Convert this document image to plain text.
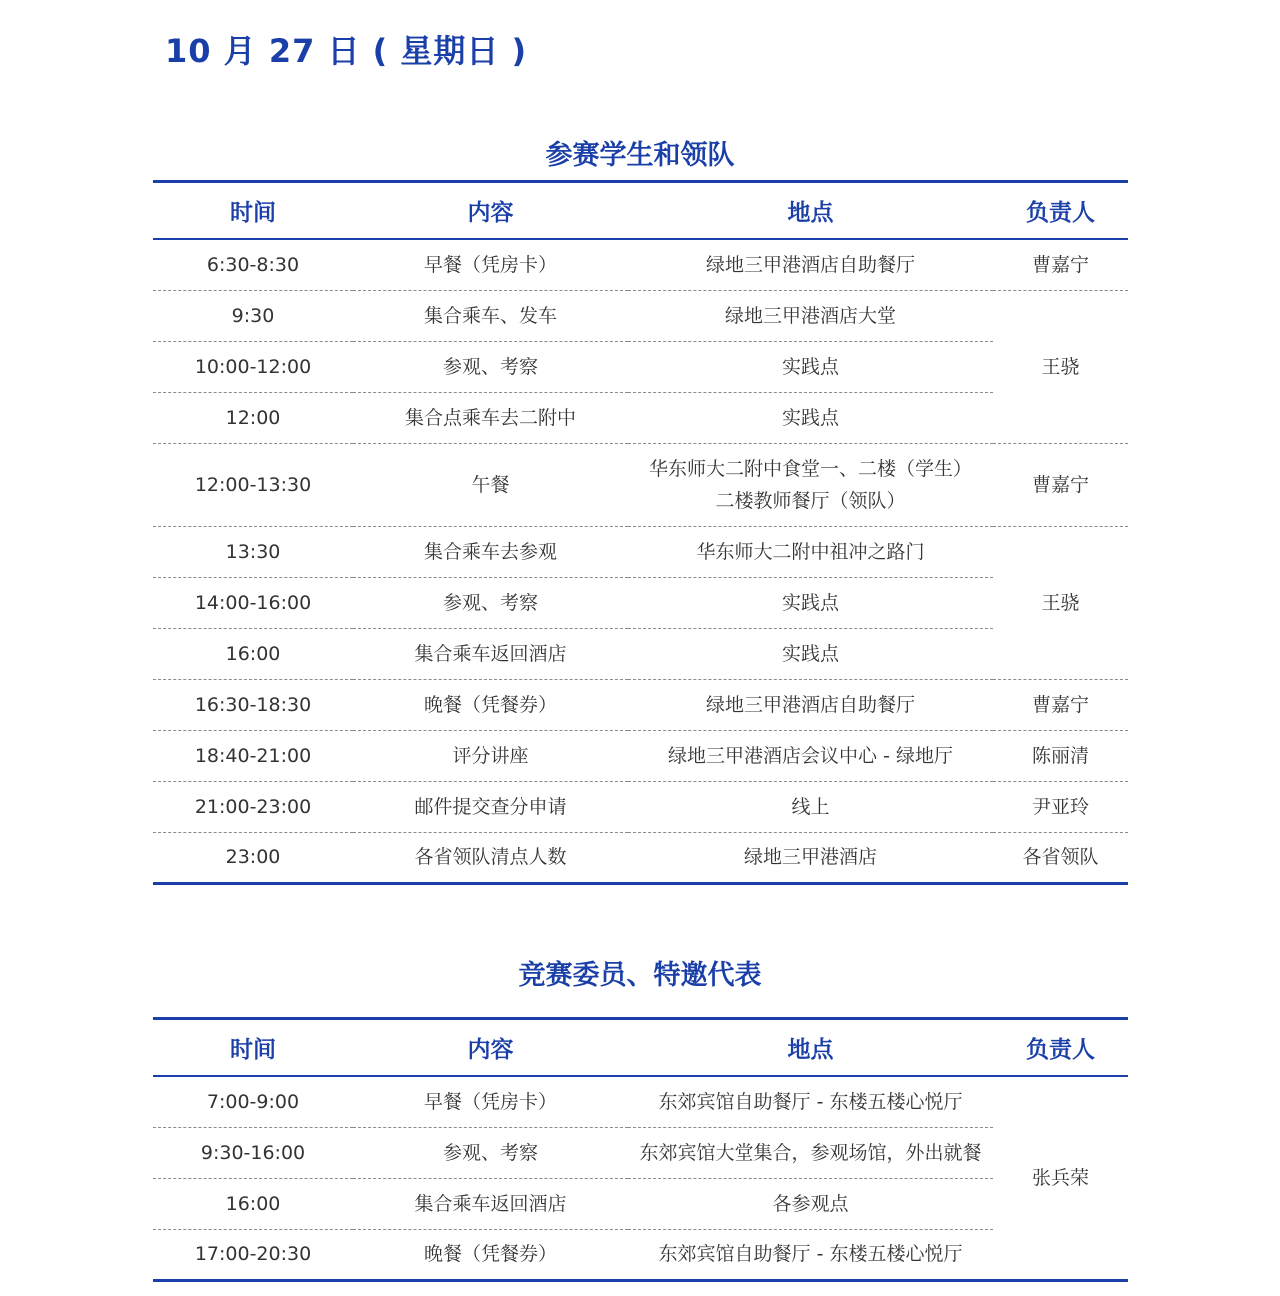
10 月 27 日 ( 星期日 )
参赛学生和领队
时间	内容	地点	负责人
6:30-8:30	早餐（凭房卡）	绿地三甲港酒店自助餐厅	曹嘉宁
9:30	集合乘车、发车	绿地三甲港酒店大堂	王骁
10:00-12:00	参观、考察	实践点	
12:00	集合点乘车去二附中	实践点	
12:00-13:30	午餐	华东师大二附中食堂一、二楼（学生）
二楼教师餐厅（领队）	曹嘉宁
13:30	集合乘车去参观	华东师大二附中祖冲之路门	王骁
14:00-16:00	参观、考察	实践点	
16:00	集合乘车返回酒店	实践点	
16:30-18:30	晚餐（凭餐券）	绿地三甲港酒店自助餐厅	曹嘉宁
18:40-21:00	评分讲座	绿地三甲港酒店会议中心 - 绿地厅	陈丽清
21:00-23:00	邮件提交查分申请	线上	尹亚玲
23:00	各省领队清点人数	绿地三甲港酒店	各省领队
竞赛委员、特邀代表
时间	内容	地点	负责人
7:00-9:00	早餐（凭房卡）	东郊宾馆自助餐厅 - 东楼五楼心悦厅	张兵荣
9:30-16:00	参观、考察	东郊宾馆大堂集合，参观场馆，外出就餐	
16:00	集合乘车返回酒店	各参观点	
17:00-20:30	晚餐（凭餐券）	东郊宾馆自助餐厅 - 东楼五楼心悦厅	
